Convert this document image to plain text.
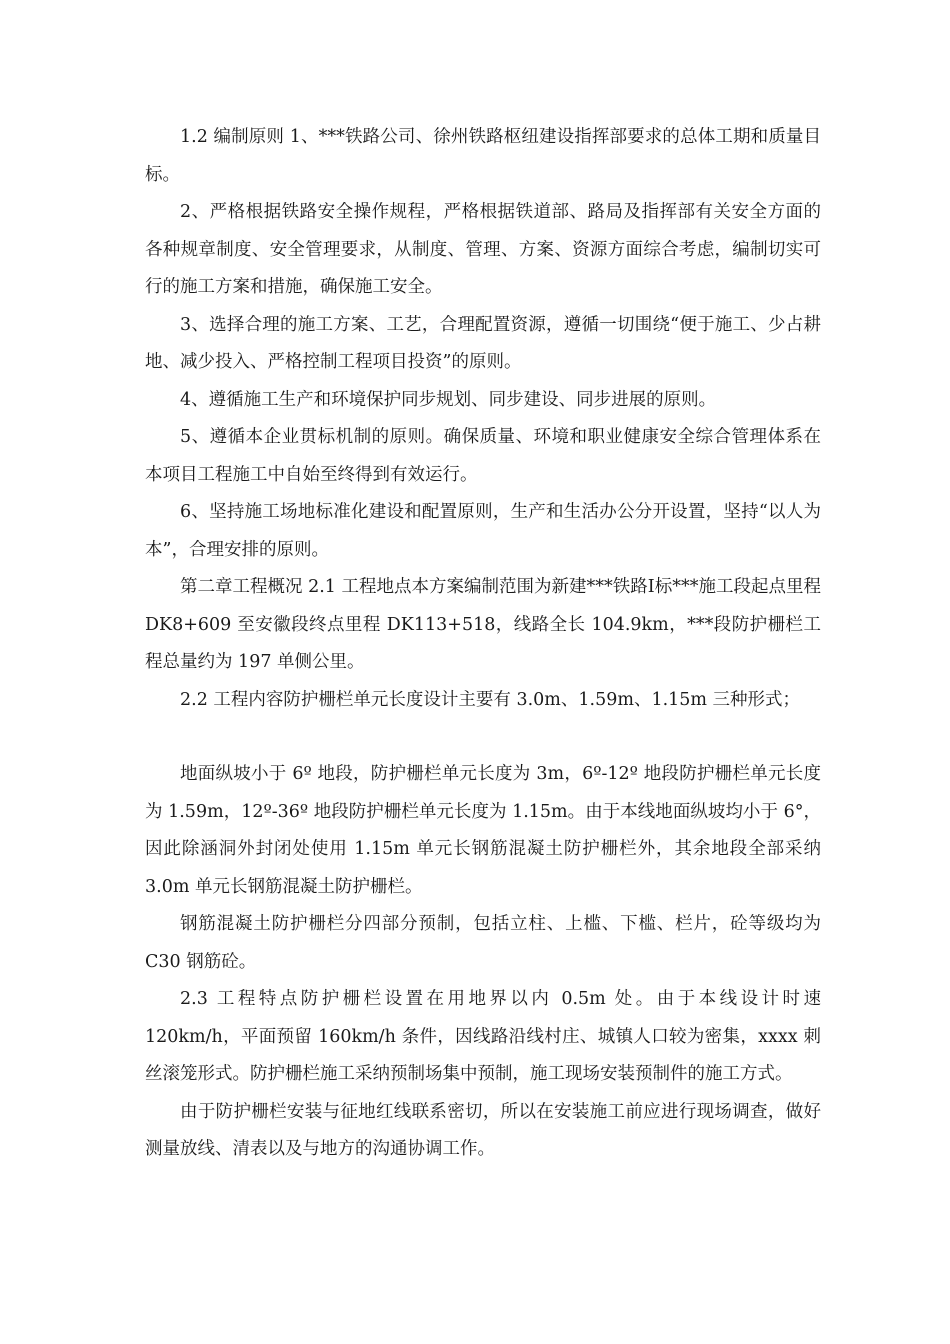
1.2 编制原则 1、***铁路公司、徐州铁路枢纽建设指挥部要求的总体工期和质量目标。

2、严格根据铁路安全操作规程，严格根据铁道部、路局及指挥部有关安全方面的各种规章制度、安全管理要求，从制度、管理、方案、资源方面综合考虑，编制切实可行的施工方案和措施，确保施工安全。

3、选择合理的施工方案、工艺，合理配置资源，遵循一切围绕“便于施工、少占耕地、减少投入、严格控制工程项目投资”的原则。

4、遵循施工生产和环境保护同步规划、同步建设、同步进展的原则。

5、遵循本企业贯标机制的原则。确保质量、环境和职业健康安全综合管理体系在本项目工程施工中自始至终得到有效运行。

6、坚持施工场地标准化建设和配置原则，生产和生活办公分开设置，坚持“以人为本”，合理安排的原则。

第二章工程概况 2.1 工程地点本方案编制范围为新建***铁路Ⅰ标***施工段起点里程 DK8+609 至安徽段终点里程 DK113+518，线路全长 104.9km，***段防护栅栏工程总量约为 197 单侧公里。

2.2 工程内容防护栅栏单元长度设计主要有 3.0m、1.59m、1.15m 三种形式；

地面纵坡小于 6º 地段，防护栅栏单元长度为 3m，6º-12º 地段防护栅栏单元长度为 1.59m，12º-36º 地段防护栅栏单元长度为 1.15m。由于本线地面纵坡均小于 6°，因此除涵洞外封闭处使用 1.15m 单元长钢筋混凝土防护栅栏外，其余地段全部采纳 3.0m 单元长钢筋混凝土防护栅栏。

钢筋混凝土防护栅栏分四部分预制，包括立柱、上槛、下槛、栏片，砼等级均为 C30 钢筋砼。

2.3 工程特点防护栅栏设置在用地界以内 0.5m 处。由于本线设计时速 120km/h，平面预留 160km/h 条件，因线路沿线村庄、城镇人口较为密集，xxxx 刺丝滚笼形式。防护栅栏施工采纳预制场集中预制，施工现场安装预制件的施工方式。

由于防护栅栏安装与征地红线联系密切，所以在安装施工前应进行现场调查，做好测量放线、清表以及与地方的沟通协调工作。
